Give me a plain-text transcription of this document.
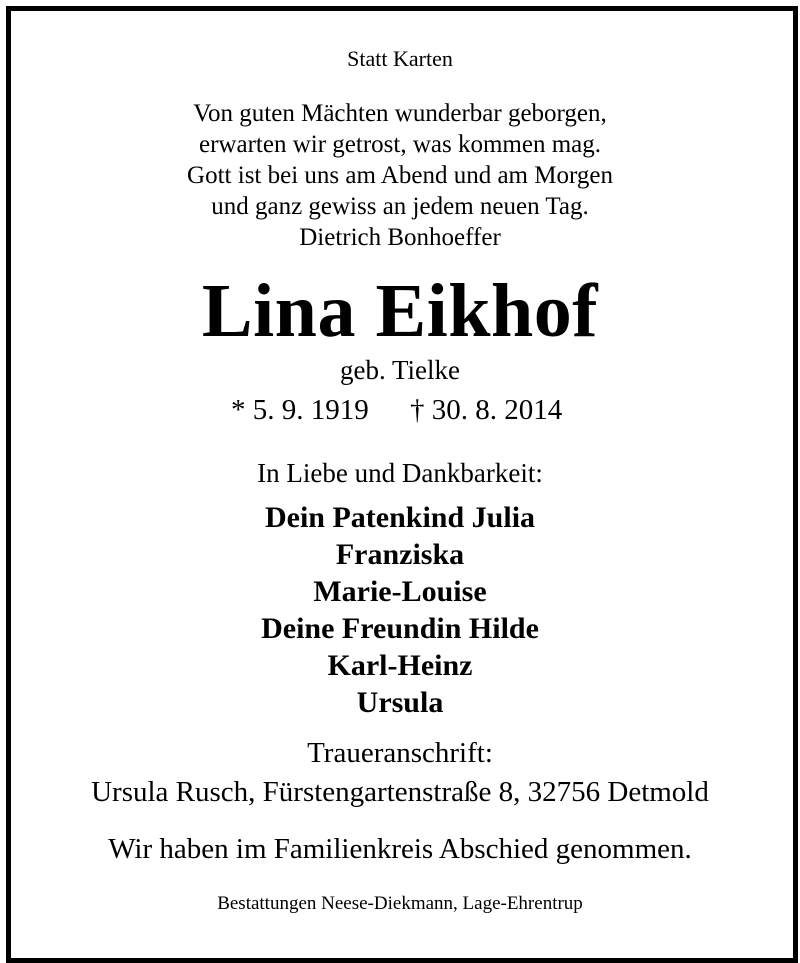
Statt Karten
Von guten Mächten wunderbar geborgen,
erwarten wir getrost, was kommen mag.
Gott ist bei uns am Abend und am Morgen
und ganz gewiss an jedem neuen Tag.
Dietrich Bonhoeffer
Lina Eikhof
geb. Tielke
* 5. 9. 1919 † 30. 8. 2014
In Liebe und Dankbarkeit:
Dein Patenkind Julia
Franziska
Marie-Louise
Deine Freundin Hilde
Karl-Heinz
Ursula
Traueranschrift:
Ursula Rusch, Fürstengartenstraße 8, 32756 Detmold
Wir haben im Familienkreis Abschied genommen.
Bestattungen Neese-Diekmann, Lage-Ehrentrup
